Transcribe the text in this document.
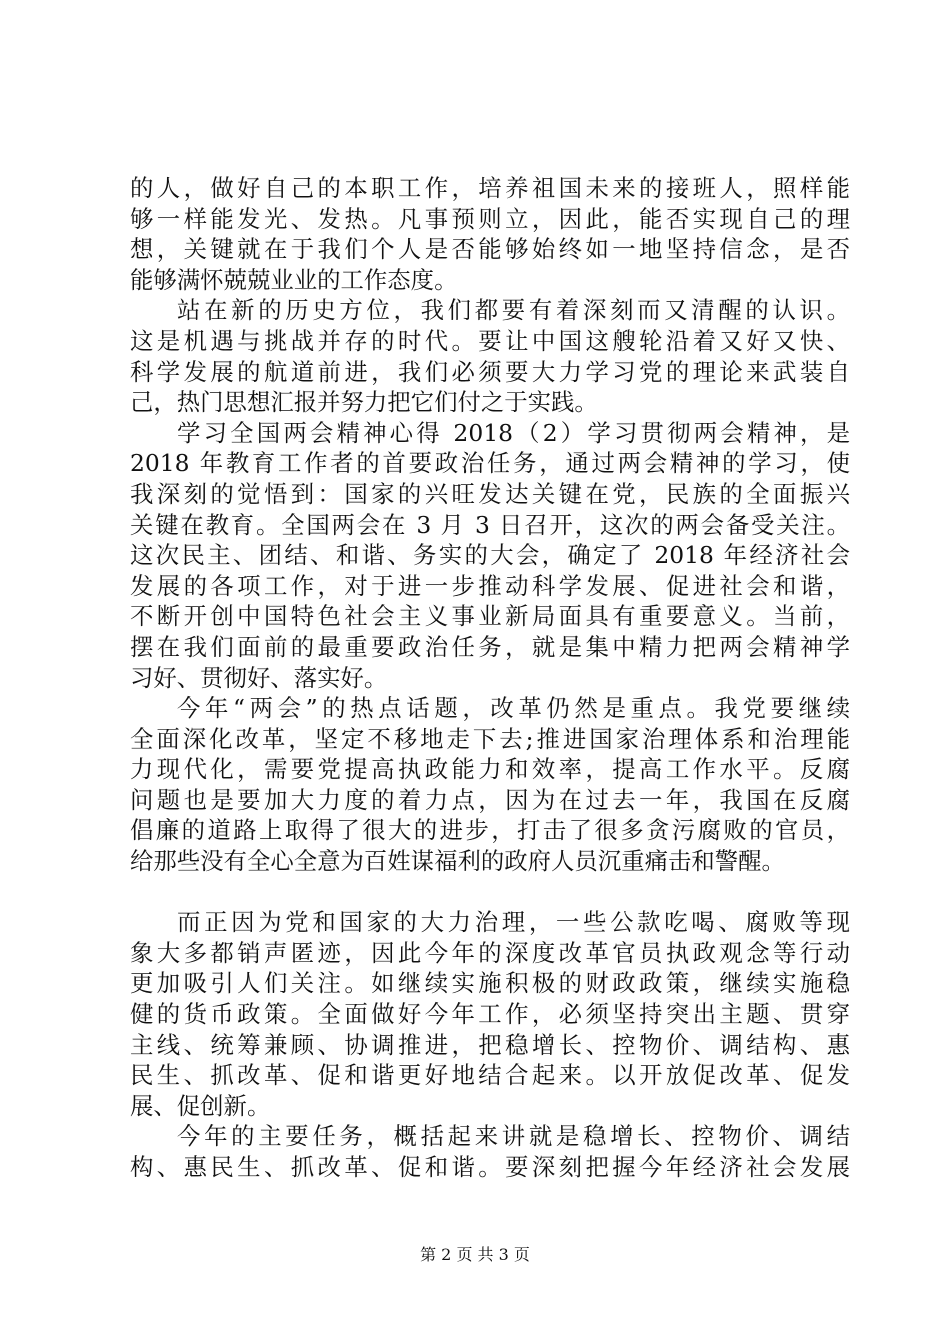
的人，做好自己的本职工作，培养祖国未来的接班人，照样能
够一样能发光、发热。凡事预则立，因此，能否实现自己的理
想，关键就在于我们个人是否能够始终如一地坚持信念，是否
能够满怀兢兢业业的工作态度。
站在新的历史方位，我们都要有着深刻而又清醒的认识。
这是机遇与挑战并存的时代。要让中国这艘轮沿着又好又快、
科学发展的航道前进，我们必须要大力学习党的理论来武装自
己，热门思想汇报并努力把它们付之于实践。
学习全国两会精神心得 2018（2）学习贯彻两会精神，是
2018 年教育工作者的首要政治任务，通过两会精神的学习，使
我深刻的觉悟到：国家的兴旺发达关键在党，民族的全面振兴
关键在教育。全国两会在 3 月 3 日召开，这次的两会备受关注。
这次民主、团结、和谐、务实的大会，确定了 2018 年经济社会
发展的各项工作，对于进一步推动科学发展、促进社会和谐，
不断开创中国特色社会主义事业新局面具有重要意义。当前，
摆在我们面前的最重要政治任务，就是集中精力把两会精神学
习好、贯彻好、落实好。
今年“两会”的热点话题，改革仍然是重点。我党要继续
全面深化改革，坚定不移地走下去;推进国家治理体系和治理能
力现代化，需要党提高执政能力和效率，提高工作水平。反腐
问题也是要加大力度的着力点，因为在过去一年，我国在反腐
倡廉的道路上取得了很大的进步，打击了很多贪污腐败的官员，
给那些没有全心全意为百姓谋福利的政府人员沉重痛击和警醒。
而正因为党和国家的大力治理，一些公款吃喝、腐败等现
象大多都销声匿迹，因此今年的深度改革官员执政观念等行动
更加吸引人们关注。如继续实施积极的财政政策，继续实施稳
健的货币政策。全面做好今年工作，必须坚持突出主题、贯穿
主线、统筹兼顾、协调推进，把稳增长、控物价、调结构、惠
民生、抓改革、促和谐更好地结合起来。以开放促改革、促发
展、促创新。
今年的主要任务，概括起来讲就是稳增长、控物价、调结
构、惠民生、抓改革、促和谐。要深刻把握今年经济社会发展
第 2 页 共 3 页
